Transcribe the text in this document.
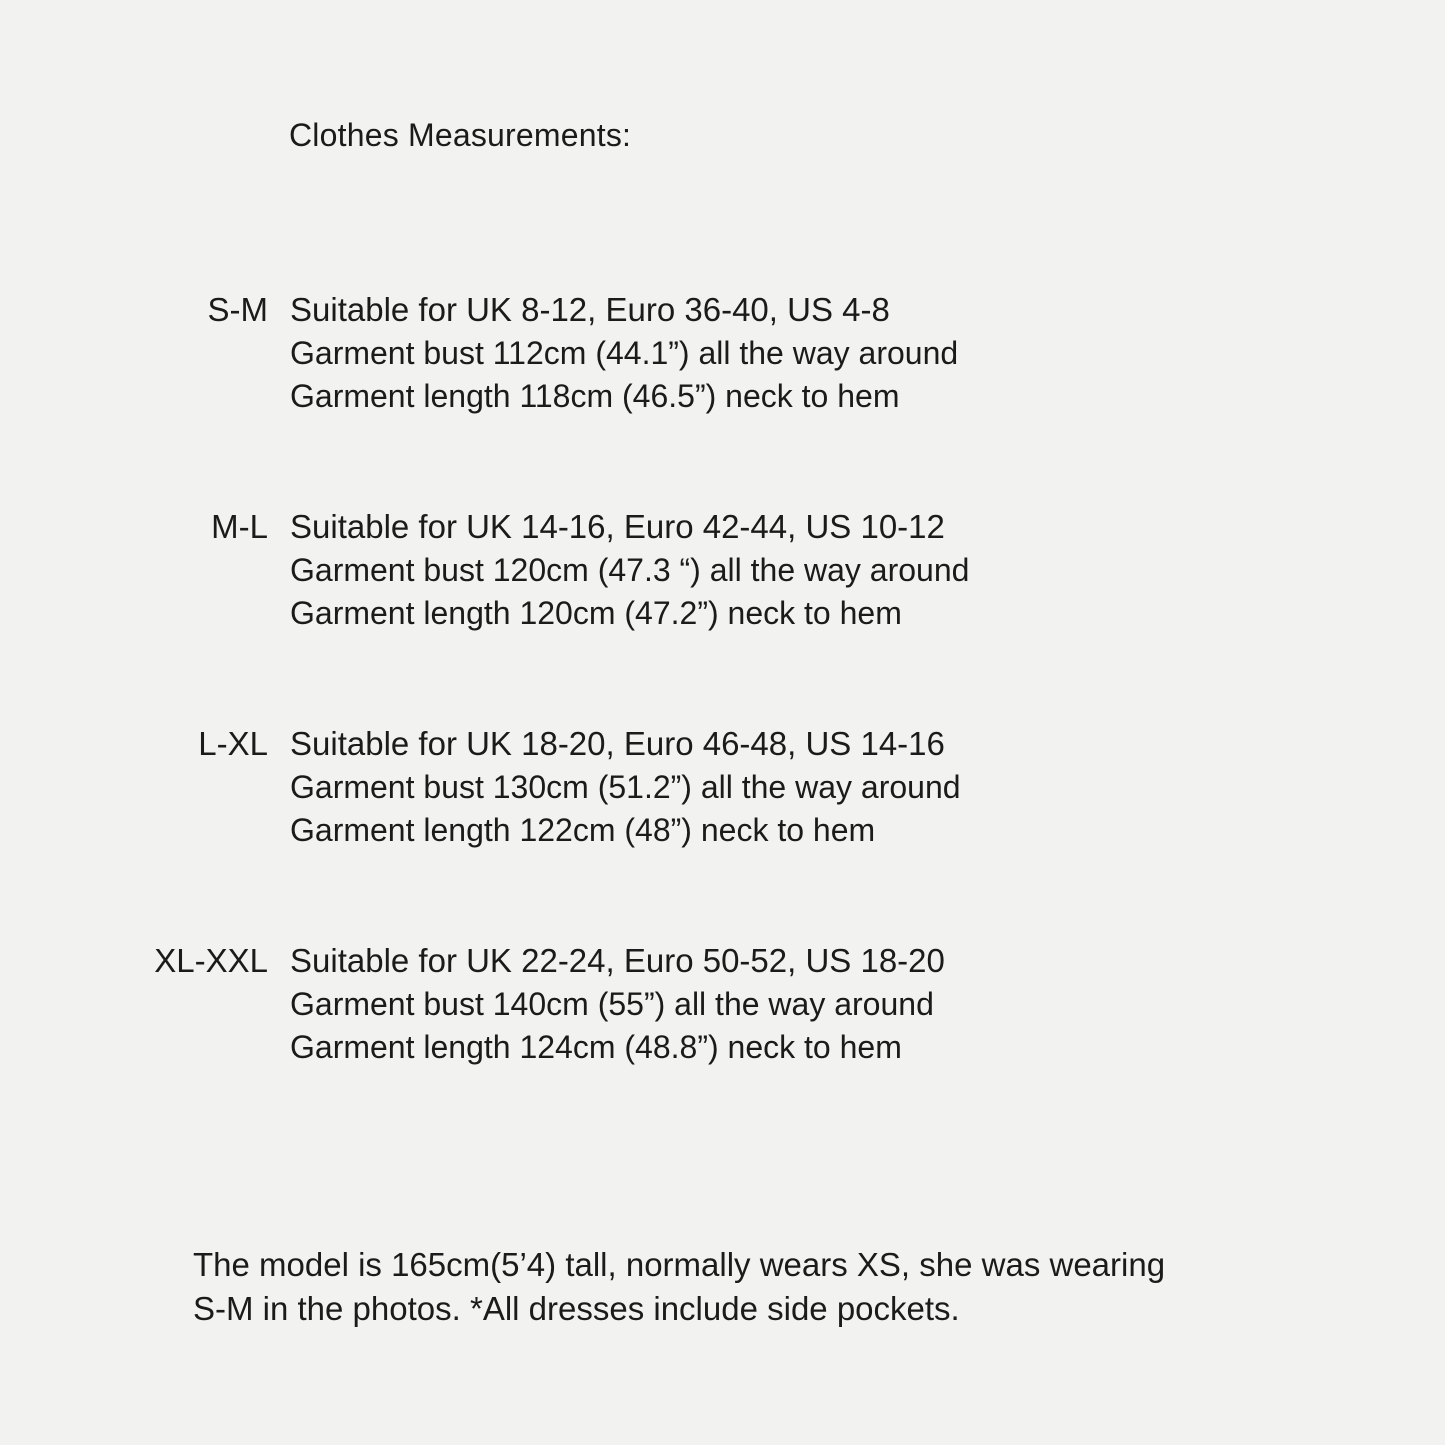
Clothes Measurements:
S-M Suitable for UK 8-12, Euro 36-40, US 4-8
Garment bust 112cm (44.1”) all the way around
Garment length 118cm (46.5”) neck to hem
M-L Suitable for UK 14-16, Euro 42-44, US 10-12
Garment bust 120cm (47.3 “) all the way around
Garment length 120cm (47.2”) neck to hem
L-XL Suitable for UK 18-20, Euro 46-48, US 14-16
Garment bust 130cm (51.2”) all the way around
Garment length 122cm (48”) neck to hem
XL-XXL Suitable for UK 22-24, Euro 50-52, US 18-20
Garment bust 140cm (55”) all the way around
Garment length 124cm (48.8”) neck to hem
The model is 165cm(5’4) tall, normally wears XS, she was wearing
S-M in the photos. *All dresses include side pockets.
